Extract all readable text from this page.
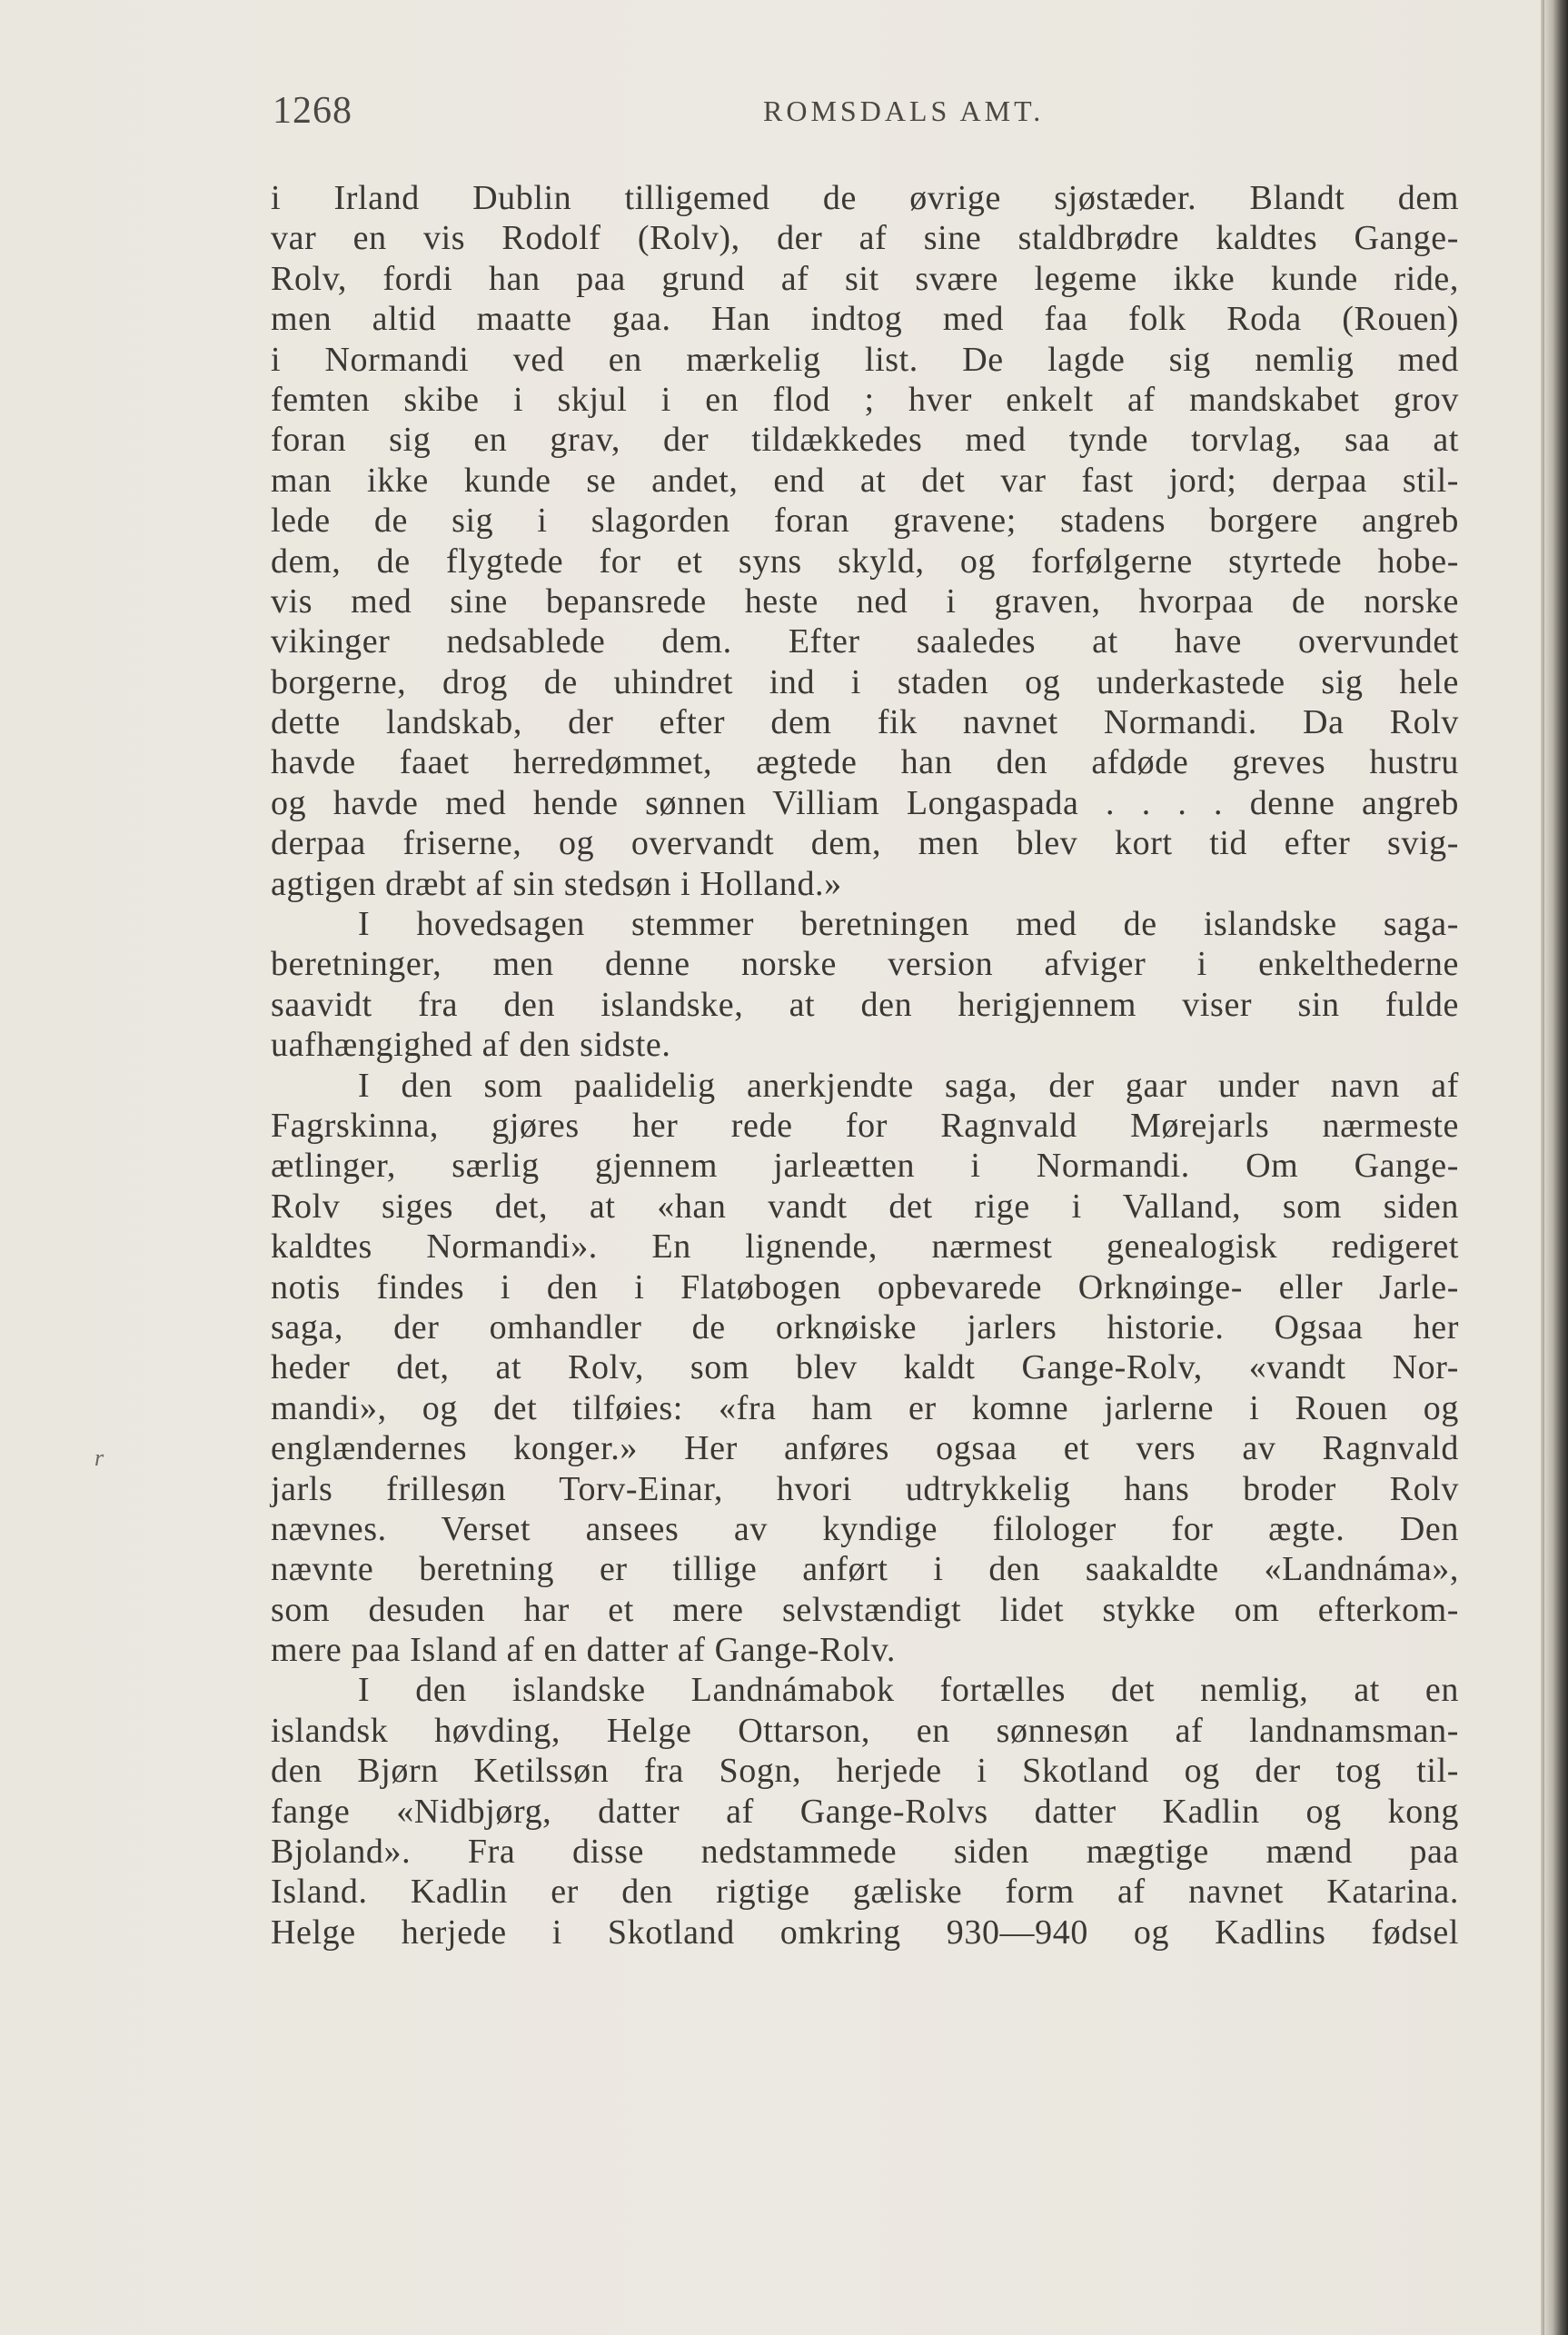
1268	ROMSDALS AMT.
r
i Irland Dublin tilligemed de øvrige sjøstæder. Blandt dem
var en vis Rodolf (Rolv), der af sine staldbrødre kaldtes Gange-
Rolv, fordi han paa grund af sit svære legeme ikke kunde ride,
men altid maatte gaa. Han indtog med faa folk Roda (Rouen)
i Normandi ved en mærkelig list. De lagde sig nemlig med
femten skibe i skjul i en flod ; hver enkelt af mandskabet grov
foran sig en grav, der tildækkedes med tynde torvlag, saa at
man ikke kunde se andet, end at det var fast jord; derpaa stil-
lede de sig i slagorden foran gravene; stadens borgere angreb
dem, de flygtede for et syns skyld, og forfølgerne styrtede hobe-
vis med sine bepansrede heste ned i graven, hvorpaa de norske
vikinger nedsablede dem. Efter saaledes at have overvundet
borgerne, drog de uhindret ind i staden og underkastede sig hele
dette landskab, der efter dem fik navnet Normandi. Da Rolv
havde faaet herredømmet, ægtede han den afdøde greves hustru
og havde med hende sønnen Villiam Longaspada . . . . denne angreb
derpaa friserne, og overvandt dem, men blev kort tid efter svig-
agtigen dræbt af sin stedsøn i Holland.»
I hovedsagen stemmer beretningen med de islandske saga-
beretninger, men denne norske version afviger i enkelthederne
saavidt fra den islandske, at den herigjennem viser sin fulde
uafhængighed af den sidste.
I den som paalidelig anerkjendte saga, der gaar under navn af
Fagrskinna, gjøres her rede for Ragnvald Mørejarls nærmeste
ætlinger, særlig gjennem jarleætten i Normandi. Om Gange-
Rolv siges det, at «han vandt det rige i Valland, som siden
kaldtes Normandi». En lignende, nærmest genealogisk redigeret
notis findes i den i Flatøbogen opbevarede Orknøinge- eller Jarle-
saga, der omhandler de orknøiske jarlers historie. Ogsaa her
heder det, at Rolv, som blev kaldt Gange-Rolv, «vandt Nor-
mandi», og det tilføies: «fra ham er komne jarlerne i Rouen og
englændernes konger.» Her anføres ogsaa et vers av Ragnvald
jarls frillesøn Torv-Einar, hvori udtrykkelig hans broder Rolv
nævnes. Verset ansees av kyndige filologer for ægte. Den
nævnte beretning er tillige anført i den saakaldte «Landnáma»,
som desuden har et mere selvstændigt lidet stykke om efterkom-
mere paa Island af en datter af Gange-Rolv.
I den islandske Landnámabok fortælles det nemlig, at en
islandsk høvding, Helge Ottarson, en sønnesøn af landnamsman-
den Bjørn Ketilssøn fra Sogn, herjede i Skotland og der tog til-
fange «Nidbjørg, datter af Gange-Rolvs datter Kadlin og kong
Bjoland». Fra disse nedstammede siden mægtige mænd paa
Island. Kadlin er den rigtige gæliske form af navnet Katarina.
Helge herjede i Skotland omkring 930—940 og Kadlins fødsel
